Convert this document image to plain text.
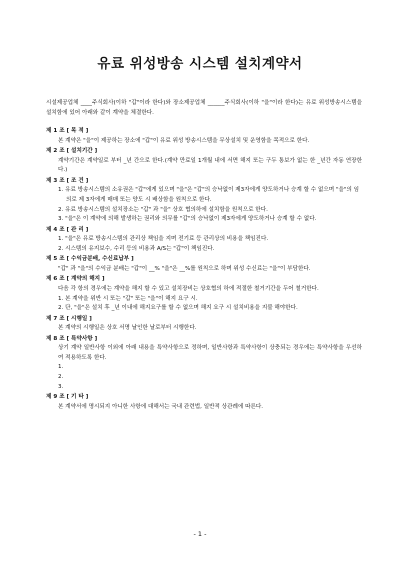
유료 위성방송 시스템 설치계약서
시설제공업체 ____주식회사(이하 "갑"이라 한다)와 장소제공업체 ______주식회사(이하 "을"이라 한다)는 유료 위성방송시스템을 설치함에 있어 아래와 같이 계약을 체결한다.
제 1 조 [ 목 적 ]
본 계약은 "을"이 제공하는 장소에 "갑"이 유료 위성 방송시스템을 무상설치 및 운영함을 목적으로 한다.
제 2 조 [ 설치기간 ]
계약기간은 계약일로 부터 _년 간으로 한다.(계약 만료일 1개월 내에 서면 해지 또는 구두 통보가 없는 한 _년간 자동 연장한다.)
제 3 조 [ 조 건 ]
1. 유료 방송시스템의 소유권은 "갑"에게 있으며 "을"은 "갑"의 승낙없이 제3자에게 양도하거나 승계 할 수 없으며 "을"의 임의로 제 3자에게 매매 또는 양도 시 배상함을 원칙으로 한다.
2. 유료 방송시스템의 설치장소는 "갑" 과 "을" 상호 협의하에 설치함을 원칙으로 한다.
3. "을"은 이 계약에 의해 발생하는 권리와 의무를 "갑"의 승낙없이 제3자에게 양도하거나 승계 할 수 없다.
제 4 조 [ 관 리 ]
1. "을"은 유료 방송시스템의 관리상 책임을 지며 전기료 등 관리상의 비용을 책임진다.
2. 시스템의 유지보수, 수리 등의 비용과 A/S는 "갑"이 책임진다.
제 5 조 [ 수익금분배, 수신료납부 ]
"갑" 과 "을"의 수익금 분배는 "갑"이 __% "을"은 __%를 원칙으로 하며 위성 수신료는 "을"이 부담한다.
제 6 조 [ 계약의 해지 ]
다음 각 항의 경우에는 계약을 해지 할 수 있고 설치장비는 상호협의 하에 적절한 철거기간을 두어 철거한다.
1. 본 계약을 위반 시 또는 "갑" 또는 "을"이 해지 요구 시.
2. 단, "을"은 설치 후 _년 이내에 해지요구를 할 수 없으며 해지 요구 시 설치비용을 지불 해야한다.
제 7 조 [ 시행일 ]
본 계약의 시행일은 상호 서명 날인한 날로부터 시행한다.
제 8 조 [ 특약사항 ]
상기 계약 일반사항 이외에 아래 내용을 특약사항으로 정하며, 일반사항과 특약사항이 상충되는 경우에는 특약사항을 우선하여 적용하도록 한다.
1.
2.
3.
제 9 조 [ 기 타 ]
본 계약서에 명시되지 아니한 사항에 대해서는 국내 관련법, 일반적 상관례에 따른다.
- 1 -
